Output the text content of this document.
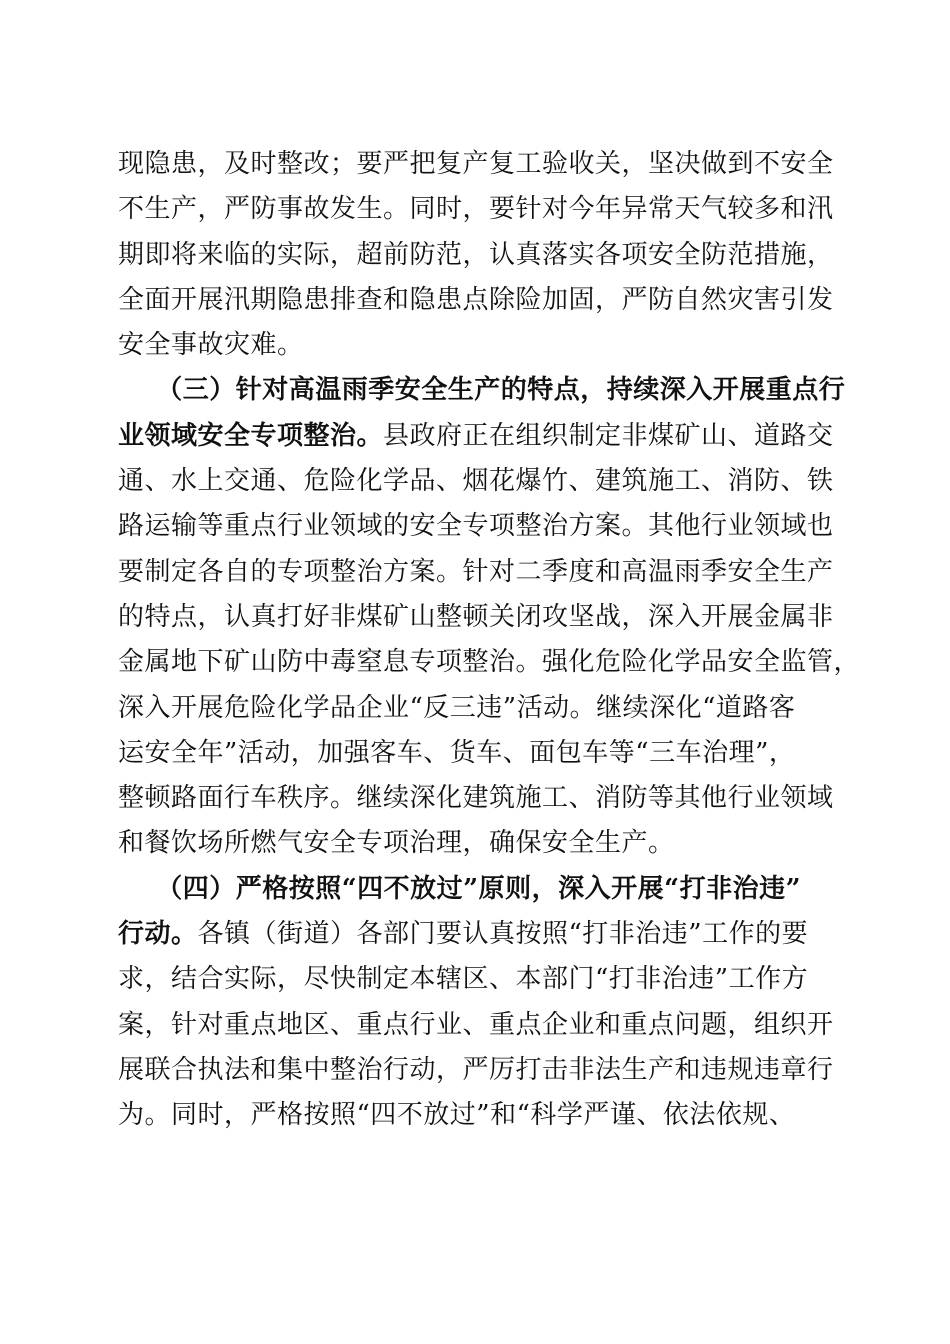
现隐患，及时整改；要严把复产复工验收关，坚决做到不安全
不生产，严防事故发生。同时，要针对今年异常天气较多和汛
期即将来临的实际，超前防范，认真落实各项安全防范措施，
全面开展汛期隐患排查和隐患点除险加固，严防自然灾害引发
安全事故灾难。
（三）针对高温雨季安全生产的特点，持续深入开展重点行
业领域安全专项整治。县政府正在组织制定非煤矿山、道路交
通、水上交通、危险化学品、烟花爆竹、建筑施工、消防、铁
路运输等重点行业领域的安全专项整治方案。其他行业领域也
要制定各自的专项整治方案。针对二季度和高温雨季安全生产
的特点，认真打好非煤矿山整顿关闭攻坚战，深入开展金属非
金属地下矿山防中毒窒息专项整治。强化危险化学品安全监管，
深入开展危险化学品企业“反三违”活动。继续深化“道路客
运安全年”活动，加强客车、货车、面包车等“三车治理”，
整顿路面行车秩序。继续深化建筑施工、消防等其他行业领域
和餐饮场所燃气安全专项治理，确保安全生产。
（四）严格按照“四不放过”原则，深入开展“打非治违”
行动。各镇（街道）各部门要认真按照“打非治违”工作的要
求，结合实际，尽快制定本辖区、本部门“打非治违”工作方
案，针对重点地区、重点行业、重点企业和重点问题，组织开
展联合执法和集中整治行动，严厉打击非法生产和违规违章行
为。同时，严格按照“四不放过”和“科学严谨、依法依规、
